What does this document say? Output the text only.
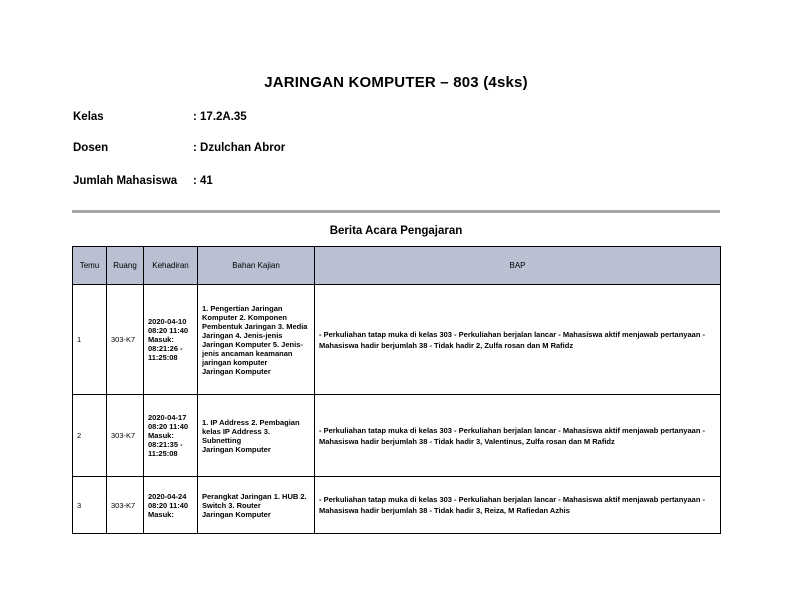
JARINGAN KOMPUTER – 803 (4sks)
Kelas	: 17.2A.35
Dosen	: Dzulchan Abror
Jumlah Mahasiswa	: 41
Berita Acara Pengajaran
Temu	Ruang	Kehadiran	Bahan Kajian	BAP
1	303-K7	2020-04-10
08:20 11:40
Masuk:
08:21:26 -
11:25:08	1. Pengertian Jaringan Komputer 2. Komponen Pembentuk Jaringan 3. Media Jaringan 4. Jenis-jenis Jaringan Komputer 5. Jenis-jenis ancaman keamanan jaringan komputer
Jaringan Komputer	- Perkuliahan tatap muka di kelas 303 - Perkuliahan berjalan lancar - Mahasiswa aktif menjawab pertanyaan - Mahasiswa hadir berjumlah 38 - Tidak hadir 2, Zulfa rosan dan M Rafidz
2	303-K7	2020-04-17
08:20 11:40
Masuk:
08:21:35 -
11:25:08	1. IP Address 2. Pembagian kelas IP Address 3. Subnetting
Jaringan Komputer	- Perkuliahan tatap muka di kelas 303 - Perkuliahan berjalan lancar - Mahasiswa aktif menjawab pertanyaan - Mahasiswa hadir berjumlah 38 - Tidak hadir 3, Valentinus, Zulfa rosan dan M Rafidz
3	303-K7	2020-04-24
08:20 11:40
Masuk:	Perangkat Jaringan 1. HUB 2. Switch 3. Router
Jaringan Komputer	- Perkuliahan tatap muka di kelas 303 - Perkuliahan berjalan lancar - Mahasiswa aktif menjawab pertanyaan - Mahasiswa hadir berjumlah 38 - Tidak hadir 3, Reiza, M Rafiedan Azhis
